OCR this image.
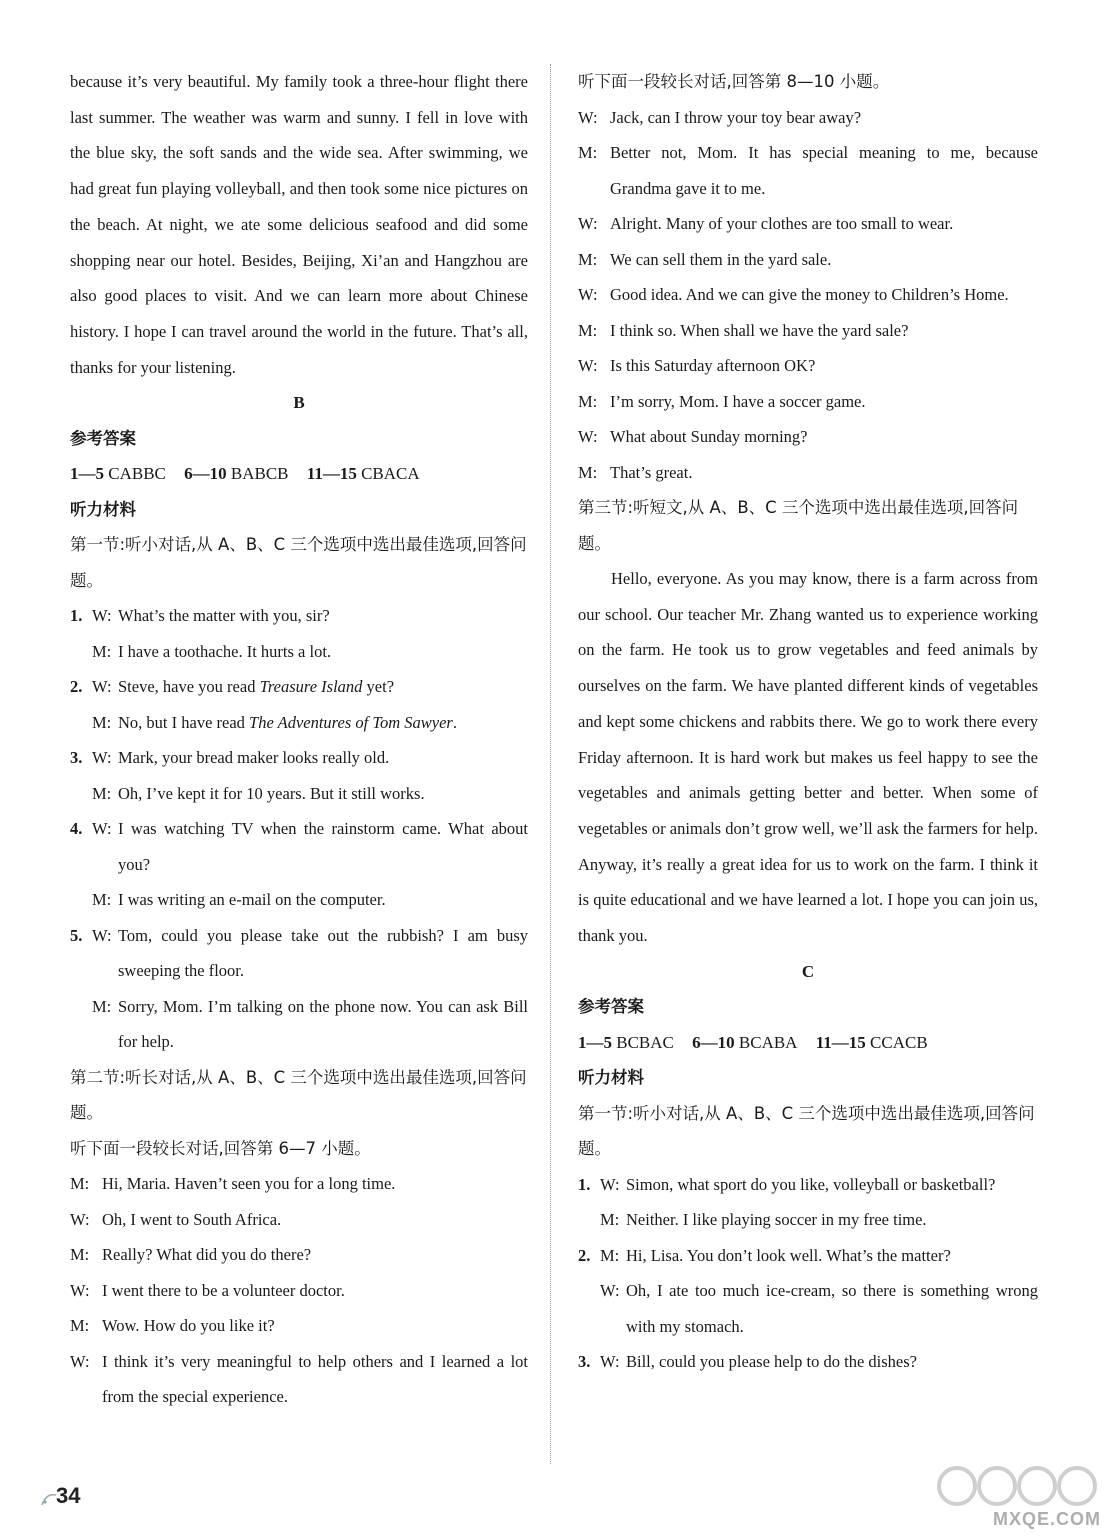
because it’s very beautiful. My family took a three-hour flight there last summer. The weather was warm and sunny. I fell in love with the blue sky, the soft sands and the wide sea. After swimming, we had great fun playing volleyball, and then took some nice pictures on the beach. At night, we ate some delicious seafood and did some shopping near our hotel. Besides, Beijing, Xi’an and Hangzhou are also good places to visit. And we can learn more about Chinese history. I hope I can travel around the world in the future. That’s all, thanks for your listening.

B

参考答案

1—5 CABBC 6—10 BABCB 11—15 CBACA

听力材料

第一节:听小对话,从 A、B、C 三个选项中选出最佳选项,回答问题。

1. W: What’s the matter with you, sir?
M: I have a toothache. It hurts a lot.
2. W: Steve, have you read Treasure Island yet?
M: No, but I have read The Adventures of Tom Sawyer.
3. W: Mark, your bread maker looks really old.
M: Oh, I’ve kept it for 10 years. But it still works.
4. W: I was watching TV when the rainstorm came. What about you?
M: I was writing an e-mail on the computer.
5. W: Tom, could you please take out the rubbish? I am busy sweeping the floor.
M: Sorry, Mom. I’m talking on the phone now. You can ask Bill for help.

第二节:听长对话,从 A、B、C 三个选项中选出最佳选项,回答问题。

听下面一段较长对话,回答第 6—7 小题。

M: Hi, Maria. Haven’t seen you for a long time.
W: Oh, I went to South Africa.
M: Really? What did you do there?
W: I went there to be a volunteer doctor.
M: Wow. How do you like it?
W: I think it’s very meaningful to help others and I learned a lot from the special experience.

听下面一段较长对话,回答第 8—10 小题。

W: Jack, can I throw your toy bear away?
M: Better not, Mom. It has special meaning to me, because Grandma gave it to me.
W: Alright. Many of your clothes are too small to wear.
M: We can sell them in the yard sale.
W: Good idea. And we can give the money to Children’s Home.
M: I think so. When shall we have the yard sale?
W: Is this Saturday afternoon OK?
M: I’m sorry, Mom. I have a soccer game.
W: What about Sunday morning?
M: That’s great.

第三节:听短文,从 A、B、C 三个选项中选出最佳选项,回答问题。

Hello, everyone. As you may know, there is a farm across from our school. Our teacher Mr. Zhang wanted us to experience working on the farm. He took us to grow vegetables and feed animals by ourselves on the farm. We have planted different kinds of vegetables and kept some chickens and rabbits there. We go to work there every Friday afternoon. It is hard work but makes us feel happy to see the vegetables and animals getting better and better. When some of vegetables or animals don’t grow well, we’ll ask the farmers for help. Anyway, it’s really a great idea for us to work on the farm. I think it is quite educational and we have learned a lot. I hope you can join us, thank you.

C

参考答案

1—5 BCBAC 6—10 BCABA 11—15 CCACB

听力材料

第一节:听小对话,从 A、B、C 三个选项中选出最佳选项,回答问题。

1. W: Simon, what sport do you like, volleyball or basketball?
M: Neither. I like playing soccer in my free time.
2. M: Hi, Lisa. You don’t look well. What’s the matter?
W: Oh, I ate too much ice-cream, so there is something wrong with my stomach.
3. W: Bill, could you please help to do the dishes?
34
MXQE.COM
